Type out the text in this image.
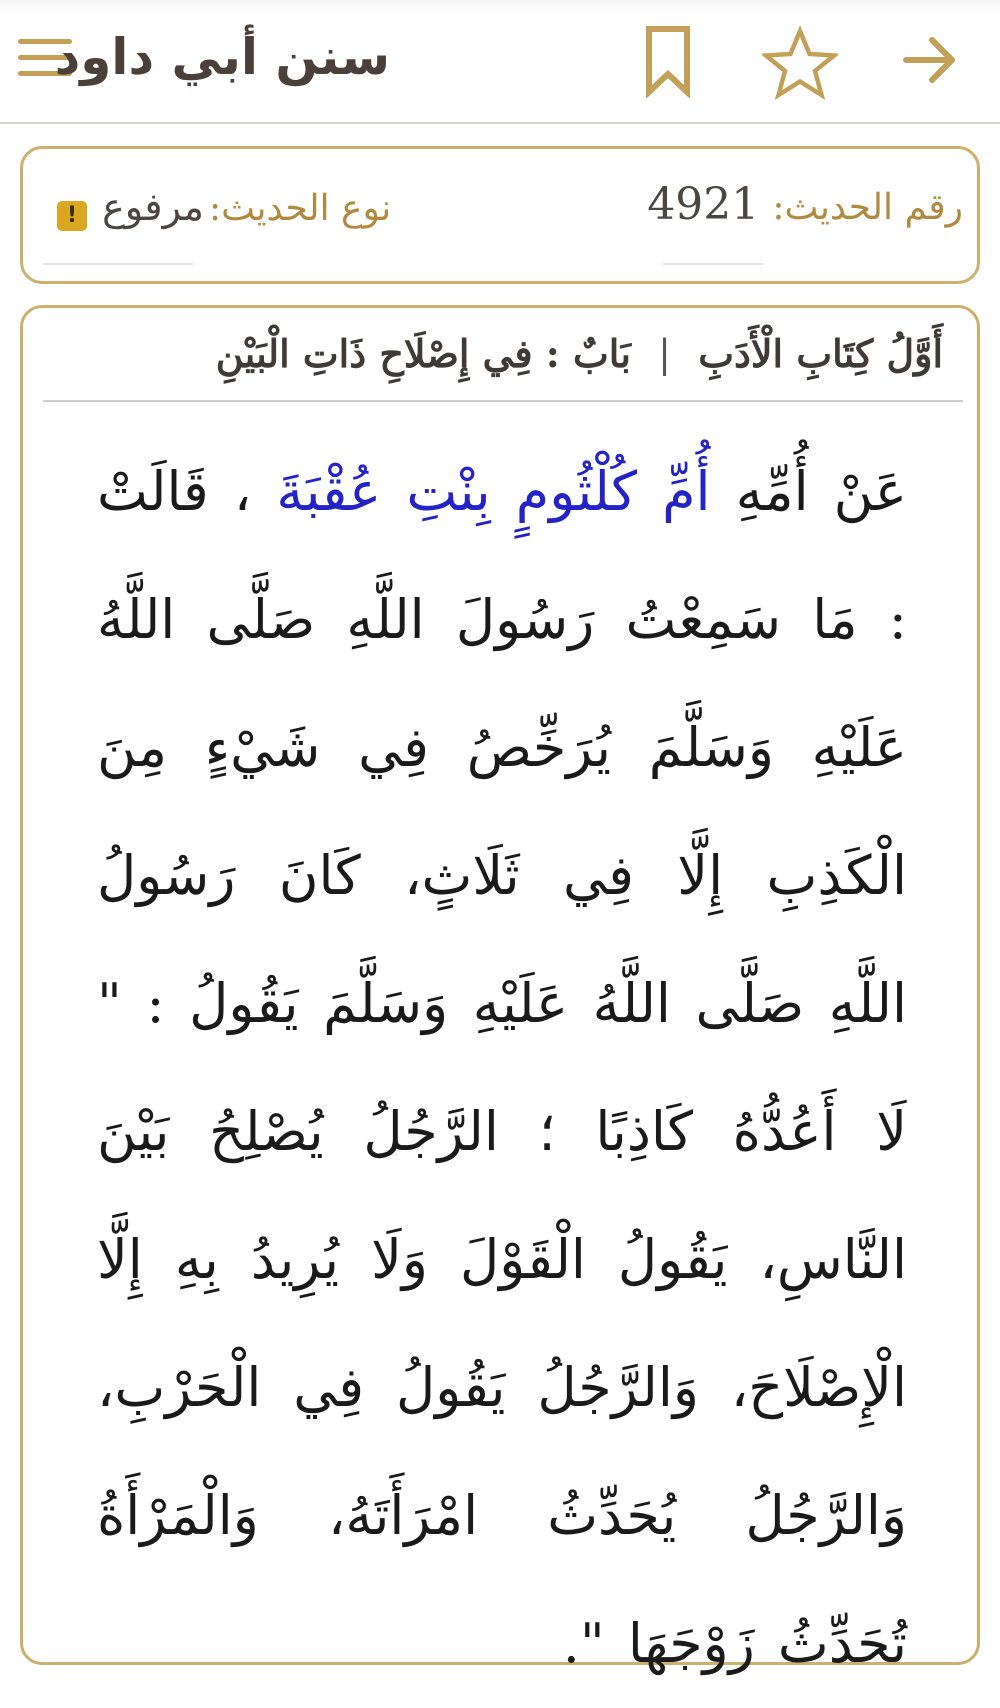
سنن أبي داود
رقم الحديث: 4921
نوع الحديث: مرفوع !
أَوَّلُ كِتَابِ الْأَدَبِ | بَابٌ : فِي إِصْلَاحِ ذَاتِ الْبَيْنِ
عَنْ أُمِّهِ أُمِّ كُلْثُومٍ بِنْتِ عُقْبَةَ ، قَالَتْ : مَا سَمِعْتُ رَسُولَ اللَّهِ صَلَّى اللَّهُ عَلَيْهِ وَسَلَّمَ يُرَخِّصُ فِي شَيْءٍ مِنَ الْكَذِبِ إِلَّا فِي ثَلَاثٍ، كَانَ رَسُولُ اللَّهِ صَلَّى اللَّهُ عَلَيْهِ وَسَلَّمَ يَقُولُ : " لَا أَعُدُّهُ كَاذِبًا ؛ الرَّجُلُ يُصْلِحُ بَيْنَ النَّاسِ، يَقُولُ الْقَوْلَ وَلَا يُرِيدُ بِهِ إِلَّا الْإِصْلَاحَ، وَالرَّجُلُ يَقُولُ فِي الْحَرْبِ، وَالرَّجُلُ يُحَدِّثُ امْرَأَتَهُ، وَالْمَرْأَةُ تُحَدِّثُ زَوْجَهَا ".
